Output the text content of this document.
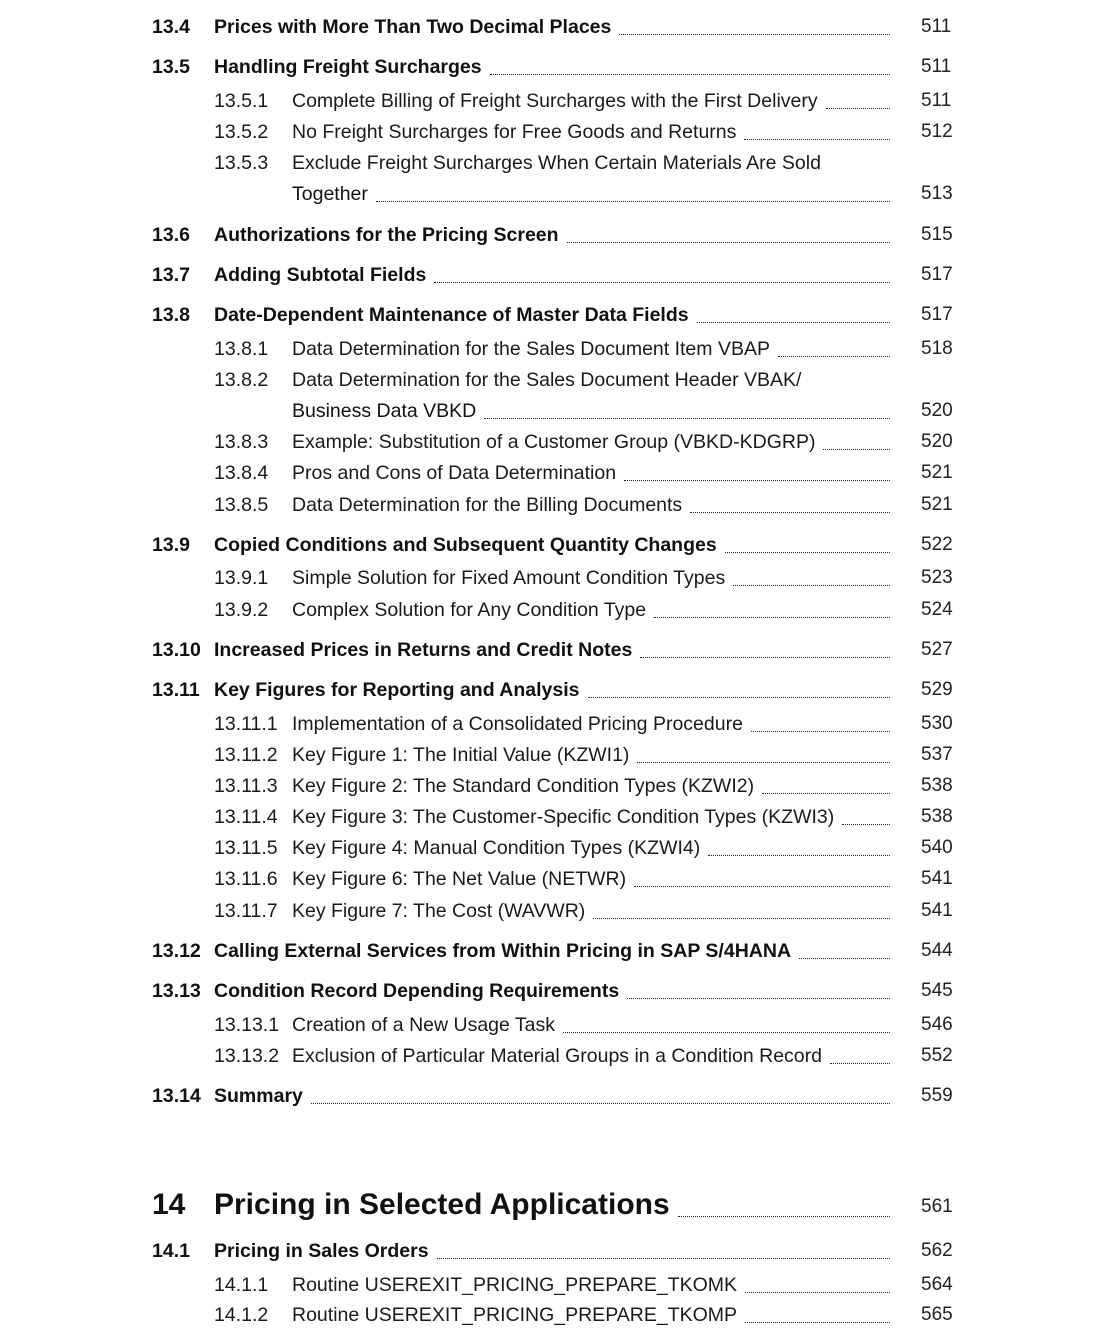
13.4 Prices with More Than Two Decimal Places	511
13.5 Handling Freight Surcharges	511
13.5.1 Complete Billing of Freight Surcharges with the First Delivery	511
13.5.2 No Freight Surcharges for Free Goods and Returns	512
13.5.3 Exclude Freight Surcharges When Certain Materials Are Sold
Together	513
13.6 Authorizations for the Pricing Screen	515
13.7 Adding Subtotal Fields	517
13.8 Date-Dependent Maintenance of Master Data Fields	517
13.8.1 Data Determination for the Sales Document Item VBAP	518
13.8.2 Data Determination for the Sales Document Header VBAK/
Business Data VBKD	520
13.8.3 Example: Substitution of a Customer Group (VBKD-KDGRP)	520
13.8.4 Pros and Cons of Data Determination	521
13.8.5 Data Determination for the Billing Documents	521
13.9 Copied Conditions and Subsequent Quantity Changes	522
13.9.1 Simple Solution for Fixed Amount Condition Types	523
13.9.2 Complex Solution for Any Condition Type	524
13.10 Increased Prices in Returns and Credit Notes	527
13.11 Key Figures for Reporting and Analysis	529
13.11.1 Implementation of a Consolidated Pricing Procedure	530
13.11.2 Key Figure 1: The Initial Value (KZWI1)	537
13.11.3 Key Figure 2: The Standard Condition Types (KZWI2)	538
13.11.4 Key Figure 3: The Customer-Specific Condition Types (KZWI3)	538
13.11.5 Key Figure 4: Manual Condition Types (KZWI4)	540
13.11.6 Key Figure 6: The Net Value (NETWR)	541
13.11.7 Key Figure 7: The Cost (WAVWR)	541
13.12 Calling External Services from Within Pricing in SAP S/4HANA	544
13.13 Condition Record Depending Requirements	545
13.13.1 Creation of a New Usage Task	546
13.13.2 Exclusion of Particular Material Groups in a Condition Record	552
13.14 Summary	559
14 Pricing in Selected Applications	561
14.1 Pricing in Sales Orders	562
14.1.1 Routine USEREXIT_PRICING_PREPARE_TKOMK	564
14.1.2 Routine USEREXIT_PRICING_PREPARE_TKOMP	565
